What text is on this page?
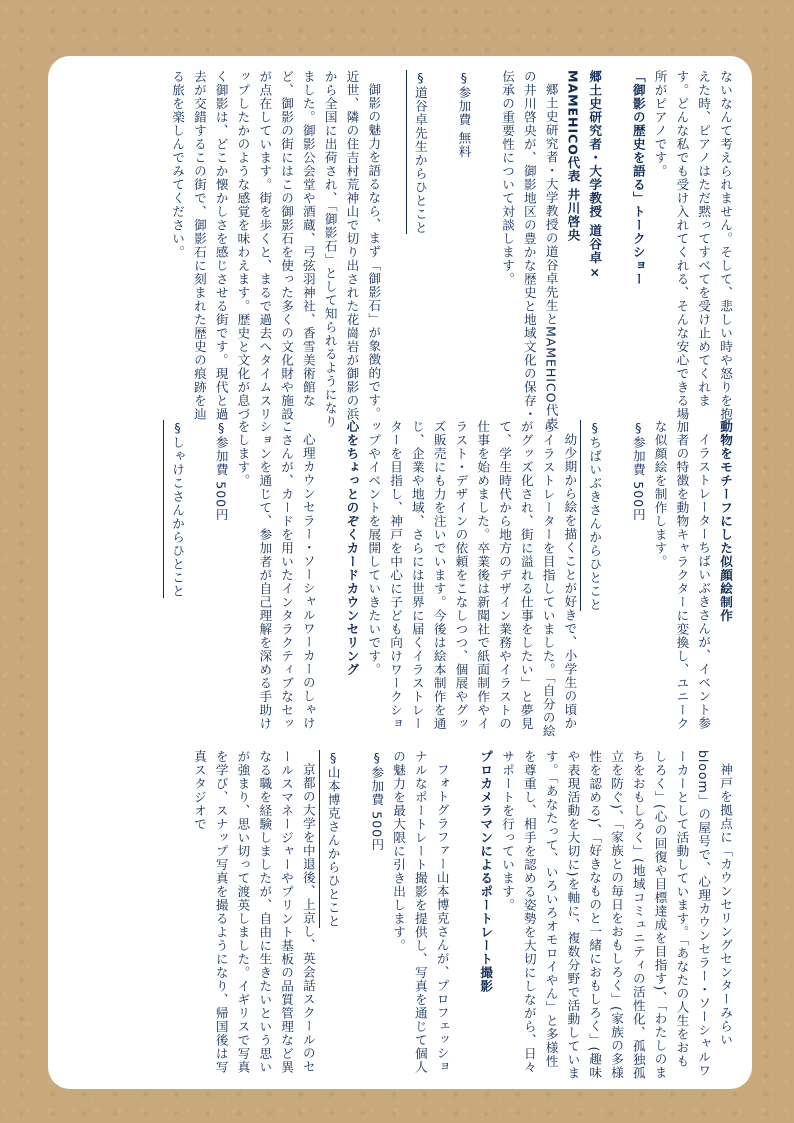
ないなんて考えられません。そして、悲しい時や怒りを抱えた時、ピアノはただ黙ってすべてを受け止めてくれます。どんな私でも受け入れてくれる、そんな安心できる場所がピアノです。

「御影の歴史を語る」トークショー

郷土史研究者・大学教授 道谷卓×

MAMEHICO代表 井川啓央

郷土史研究者・大学教授の道谷卓先生とMAMEHICO代表の井川啓央が、御影地区の豊かな歴史と地域文化の保存・伝承の重要性について対談します。

§参加費 無料

§道谷卓先生からひとこと

御影の魅力を語るなら、まず「御影石」が象徴的です。近世、隣の住吉村荒神山で切り出された花崗岩が御影の浜から全国に出荷され、「御影石」として知られるようになりました。御影公会堂や酒蔵、弓弦羽神社、香雪美術館など、御影の街にはこの御影石を使った多くの文化財や施設が点在しています。街を歩くと、まるで過去へタイムスリップしたかのような感覚を味わえます。歴史と文化が息づく御影は、どこか懐かしさを感じさせる街です。現代と過去が交錯するこの街で、御影石に刻まれた歴史の痕跡を辿る旅を楽しんでみてください。

動物をモチーフにした似顔絵制作

イラストレーターちばいぶきさんが、イベント参加者の特徴を動物キャラクターに変換し、ユニークな似顔絵を制作します。

§参加費 500円

§ちばいぶきさんからひとこと

幼少期から絵を描くことが好きで、小学生の頃からイラストレーターを目指していました。「自分の絵がグッズ化され、街に溢れる仕事をしたい」と夢見て、学生時代から地方のデザイン業務やイラストの仕事を始めました。卒業後は新聞社で紙面制作やイラスト・デザインの依頼をこなしつつ、個展やグッズ販売にも力を注いでいます。今後は絵本制作を通じ、企業や地域、さらには世界に届くイラストレーターを目指し、神戸を中心に子ども向けワークショップやイベントを展開していきたいです。

心をちょっとのぞくカードカウンセリング

心理カウンセラー・ソーシャルワーカーのしゃけこさんが、カードを用いたインタラクティブなセッションを通じて、参加者が自己理解を深める手助けをします。

§参加費 500円

§しゃけこさんからひとこと

神戸を拠点に「カウンセリングセンターみらいbloom」の屋号で、心理カウンセラー・ソーシャルワーカーとして活動しています。「あなたの人生をおもしろく」(心の回復や目標達成を目指す)、「わたしのまちをおもしろく」(地域コミュニティの活性化、孤独孤立を防ぐ)、「家族との毎日をおもしろく」(家族の多様性を認める)、「好きなものと一緒におもしろく」(趣味や表現活動を大切に)を軸に、複数分野で活動しています。「あなたって、いろいろオモロイやん」と多様性を尊重し、相手を認める姿勢を大切にしながら、日々サポートを行っています。

プロカメラマンによるポートレート撮影

フォトグラファー山本博克さんが、プロフェッショナルなポートレート撮影を提供し、写真を通じて個人の魅力を最大限に引き出します。

§参加費 500円

§山本博克さんからひとこと

京都の大学を中退後、上京し、英会話スクールのセールスマネージャーやプリント基板の品質管理など異なる職を経験しましたが、自由に生きたいという思いが強まり、思い切って渡英しました。イギリスで写真を学び、スナップ写真を撮るようになり、帰国後は写真スタジオで
